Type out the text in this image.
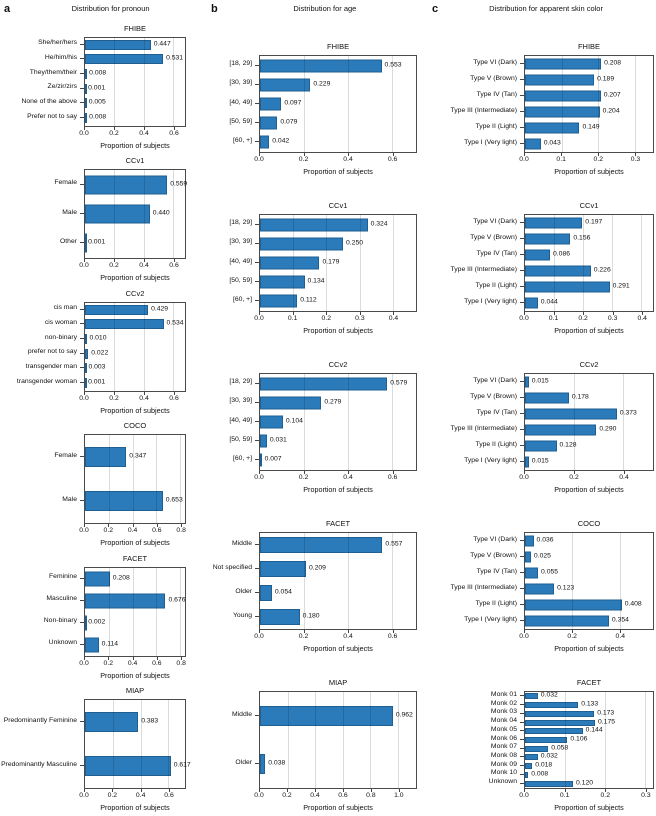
a	Distribution for pronoun
FHIBE
She/her/hers
He/him/his
They/them/their
Ze/zir/zirs
None of the above
Prefer not to say
0.447
0.531
0.008
0.001
0.005
0.008
0.0	0.2	0.4	0.6
Proportion of subjects
CCv1
Female
Male
Other
0.559
0.440
0.001
0.0	0.2	0.4	0.6
Proportion of subjects
CCv2
cis man
cis woman
non-binary
prefer not to say
transgender man
transgender woman
0.429
0.534
0.010
0.022
0.003
0.001
0.0	0.2	0.4	0.6
Proportion of subjects
COCO
Female
Male
0.347
0.653
0.0 0.2 0.4 0.6 0.8
Proportion of subjects
FACET
Feminine
Masculine
Non-binary
Unknown
0.208
0.676
0.002
0.114
0.0 0.2 0.4 0.6 0.8
Proportion of subjects
MIAP
Predominantly Feminine
Predominantly Masculine
0.383
0.617
0.0	0.2	0.4	0.6
Proportion of subjects
b	Distribution for age
FHIBE
[18, 29]
[30, 39]
[40, 49]
[50, 59]
[60, +]
0.553
0.229
0.097
0.079
0.042
0.0	0.2	0.4	0.6
Proportion of subjects
CCv1
[18, 29]
[30, 39]
[40, 49]
[50, 59]
[60, +]
0.324
0.250
0.179
0.134
0.112
0.0	0.1	0.2	0.3	0.4
Proportion of subjects
CCv2
[18, 29]
[30, 39]
[40, 49]
[50, 59]
[60, +]
0.579
0.279
0.104
0.031
0.007
0.0	0.2	0.4	0.6
Proportion of subjects
FACET
Middle
Not specified
Older
Young
0.557
0.209
0.054
0.180
0.0	0.2	0.4	0.6
Proportion of subjects
MIAP
Middle
Older
0.962
0.038
0.0	0.2	0.4	0.6	0.8	1.0
Proportion of subjects
c	Distribution for apparent skin color
FHIBE
Type VI (Dark)
Type V (Brown)
Type IV (Tan)
Type III (Intermediate)
Type II (Light)
Type I (Very light)
0.208
0.189
0.207
0.204
0.149
0.043
0.0	0.1	0.2	0.3
Proportion of subjects
CCv1
Type VI (Dark)
Type V (Brown)
Type IV (Tan)
Type III (Intermediate)
Type II (Light)
Type I (Very light)
0.197
0.156
0.086
0.226
0.291
0.044
0.0	0.1	0.2	0.3	0.4
Proportion of subjects
CCv2
Type VI (Dark)
Type V (Brown)
Type IV (Tan)
Type III (Intermediate)
Type II (Light)
Type I (Very light)
0.015
0.178
0.373
0.290
0.128
0.015
0.0	0.2	0.4
Proportion of subjects
COCO
Type VI (Dark)
Type V (Brown)
Type IV (Tan)
Type III (Intermediate)
Type II (Light)
Type I (Very light)
0.036
0.025
0.055
0.123
0.408
0.354
0.0	0.2	0.4
Proportion of subjects
FACET
Monk 01
Monk 02
Monk 03
Monk 04
Monk 05
Monk 06
Monk 07
Monk 08
Monk 09
Monk 10
Unknown
0.032
0.133
0.173
0.175
0.144
0.106
0.058
0.032
0.018
0.008
0.120
0.0	0.1	0.2	0.3
Proportion of subjects
